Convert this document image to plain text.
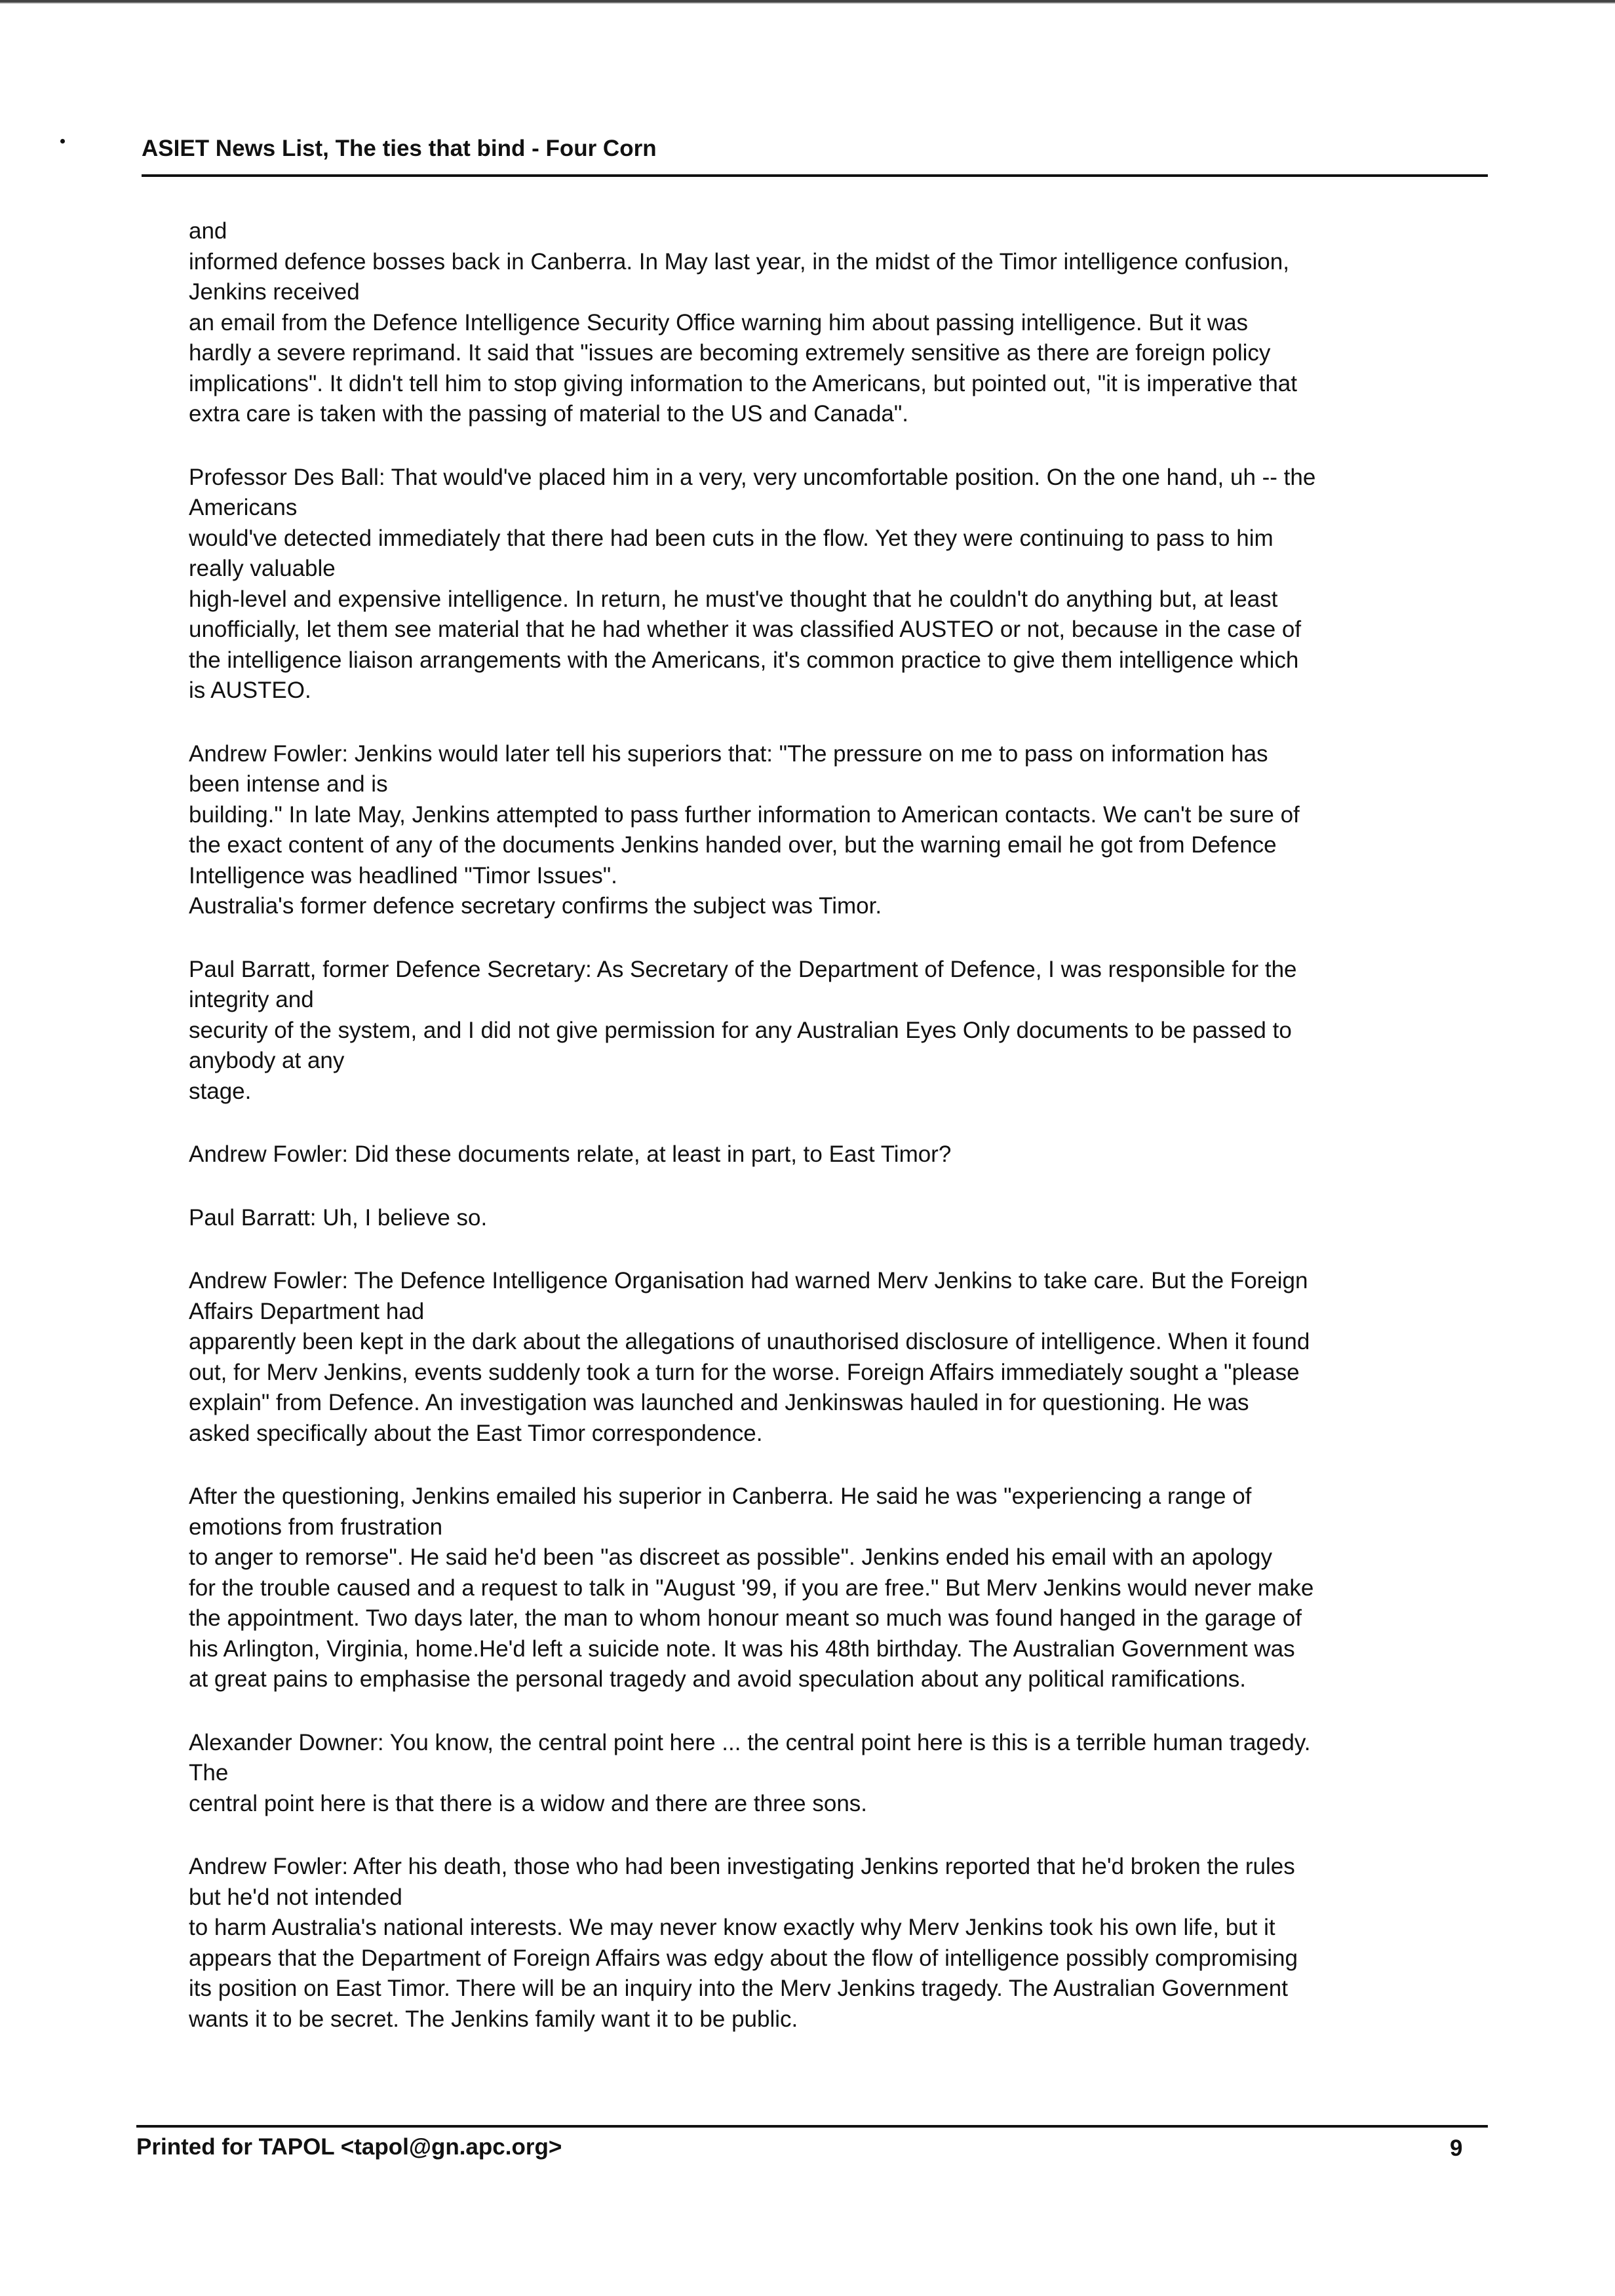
ASIET News List, The ties that bind - Four Corn
and
informed defence bosses back in Canberra. In May last year, in the midst of the Timor intelligence confusion,
Jenkins received
an email from the Defence Intelligence Security Office warning him about passing intelligence. But it was
hardly a severe reprimand. It said that "issues are becoming extremely sensitive as there are foreign policy
implications". It didn't tell him to stop giving information to the Americans, but pointed out, "it is imperative that
extra care is taken with the passing of material to the US and Canada".
Professor Des Ball: That would've placed him in a very, very uncomfortable position. On the one hand, uh -- the
Americans
would've detected immediately that there had been cuts in the flow. Yet they were continuing to pass to him
really valuable
high-level and expensive intelligence. In return, he must've thought that he couldn't do anything but, at least
unofficially, let them see material that he had whether it was classified AUSTEO or not, because in the case of
the intelligence liaison arrangements with the Americans, it's common practice to give them intelligence which
is AUSTEO.
Andrew Fowler: Jenkins would later tell his superiors that: "The pressure on me to pass on information has
been intense and is
building." In late May, Jenkins attempted to pass further information to American contacts. We can't be sure of
the exact content of any of the documents Jenkins handed over, but the warning email he got from Defence
Intelligence was headlined "Timor Issues".
Australia's former defence secretary confirms the subject was Timor.
Paul Barratt, former Defence Secretary: As Secretary of the Department of Defence, I was responsible for the
integrity and
security of the system, and I did not give permission for any Australian Eyes Only documents to be passed to
anybody at any
stage.
Andrew Fowler: Did these documents relate, at least in part, to East Timor?
Paul Barratt: Uh, I believe so.
Andrew Fowler: The Defence Intelligence Organisation had warned Merv Jenkins to take care. But the Foreign
Affairs Department had
apparently been kept in the dark about the allegations of unauthorised disclosure of intelligence. When it found
out, for Merv Jenkins, events suddenly took a turn for the worse. Foreign Affairs immediately sought a "please
explain" from Defence. An investigation was launched and Jenkinswas hauled in for questioning. He was
asked specifically about the East Timor correspondence.
After the questioning, Jenkins emailed his superior in Canberra. He said he was "experiencing a range of
emotions from frustration
to anger to remorse". He said he'd been "as discreet as possible". Jenkins ended his email with an apology
for the trouble caused and a request to talk in "August '99, if you are free." But Merv Jenkins would never make
the appointment. Two days later, the man to whom honour meant so much was found hanged in the garage of
his Arlington, Virginia, home.He'd left a suicide note. It was his 48th birthday. The Australian Government was
at great pains to emphasise the personal tragedy and avoid speculation about any political ramifications.
Alexander Downer: You know, the central point here ... the central point here is this is a terrible human tragedy.
The
central point here is that there is a widow and there are three sons.
Andrew Fowler: After his death, those who had been investigating Jenkins reported that he'd broken the rules
but he'd not intended
to harm Australia's national interests. We may never know exactly why Merv Jenkins took his own life, but it
appears that the Department of Foreign Affairs was edgy about the flow of intelligence possibly compromising
its position on East Timor. There will be an inquiry into the Merv Jenkins tragedy. The Australian Government
wants it to be secret. The Jenkins family want it to be public.
Printed for TAPOL <tapol@gn.apc.org>	9
